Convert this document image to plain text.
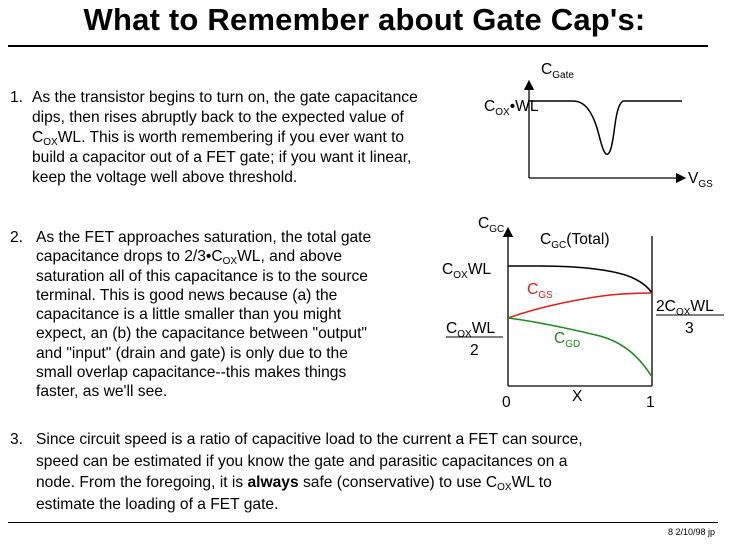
What to Remember about Gate Cap's:
1. As the transistor begins to turn on, the gate capacitance
dips, then rises abruptly back to the expected value of
$C_{OX}WL$. This is worth remembering if you ever want to
build a capacitor out of a FET gate; if you want it linear,
keep the voltage well above threshold.
2. As the FET approaches saturation, the total gate
capacitance drops to $2/3•C_{OX}WL$, and above
saturation all of this capacitance is to the source
terminal. This is good news because (a) the
capacitance is a little smaller than you might
expect, an (b) the capacitance between "output"
and "input" (drain and gate) is only due to the
small overlap capacitance--this makes things
faster, as we'll see.
3. Since circuit speed is a ratio of capacitive load to the current a FET can source,
speed can be estimated if you know the gate and parasitic capacitances on a
node. From the foregoing, it is always safe (conservative) to use $C_{OX}WL$ to
estimate the loading of a FET gate.
$C_{Gate}$
$V_{GS}$
$C_{OX}•WL$
$C_{GC}$
$C_{GC}(Total)$
$C_{OX}WL$
$C_{GS}$
$C_{GD}$
$C_{OX}WL$
2
$2C_{OX}WL$
3
0	X	1
8 2/10/98 jp
